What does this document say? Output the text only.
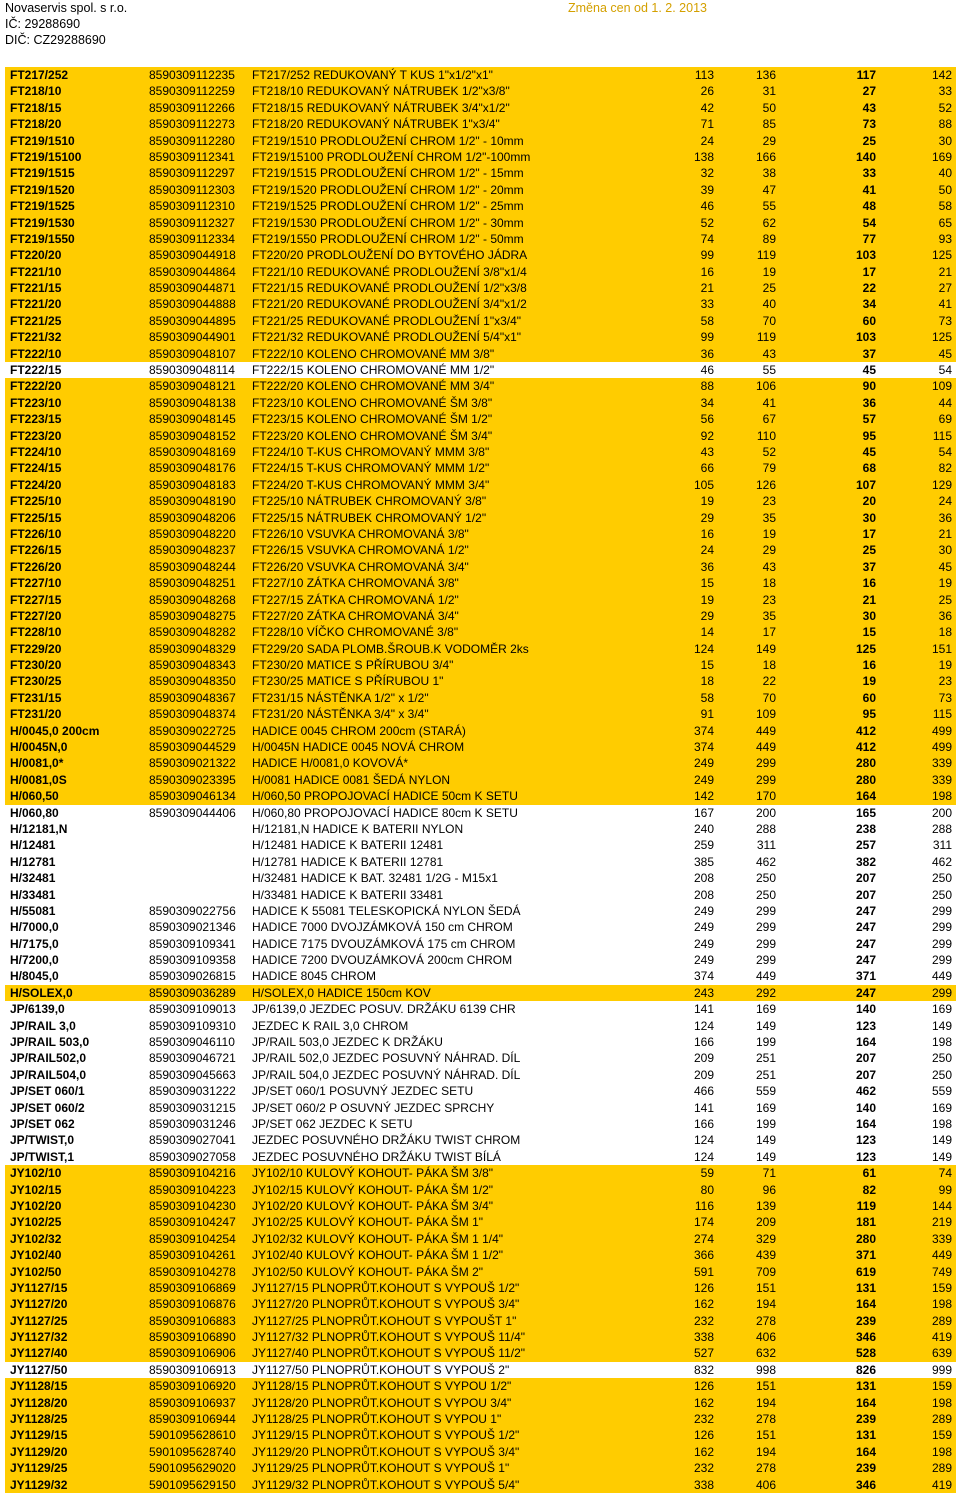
Novaservis spol. s r.o.
IČ: 29288690
DIČ: CZ29288690
Změna cen od 1. 2. 2013
FT217/252	8590309112235 FT217/252 REDUKOVANÝ T KUS 1"x1/2"x1"	113	136	117	142
FT218/10	8590309112259 FT218/10 REDUKOVANÝ NÁTRUBEK 1/2"x3/8"	26	31	27	33
FT218/15	8590309112266 FT218/15 REDUKOVANÝ NÁTRUBEK 3/4"x1/2"	42	50	43	52
FT218/20	8590309112273 FT218/20 REDUKOVANÝ NÁTRUBEK 1"x3/4"	71	85	73	88
FT219/1510	8590309112280 FT219/1510 PRODLOUŽENÍ CHROM 1/2" - 10mm	24	29	25	30
FT219/15100	8590309112341 FT219/15100 PRODLOUŽENÍ CHROM 1/2"-100mm	138	166	140	169
FT219/1515	8590309112297 FT219/1515 PRODLOUŽENÍ CHROM 1/2" - 15mm	32	38	33	40
FT219/1520	8590309112303 FT219/1520 PRODLOUŽENÍ CHROM 1/2" - 20mm	39	47	41	50
FT219/1525	8590309112310 FT219/1525 PRODLOUŽENÍ CHROM 1/2" - 25mm	46	55	48	58
FT219/1530	8590309112327 FT219/1530 PRODLOUŽENÍ CHROM 1/2" - 30mm	52	62	54	65
FT219/1550	8590309112334 FT219/1550 PRODLOUŽENÍ CHROM 1/2" - 50mm	74	89	77	93
FT220/20	8590309044918 FT220/20 PRODLOUŽENÍ DO BYTOVÉHO JÁDRA	99	119	103	125
FT221/10	8590309044864 FT221/10 REDUKOVANÉ PRODLOUŽENÍ 3/8"x1/4	16	19	17	21
FT221/15	8590309044871 FT221/15 REDUKOVANÉ PRODLOUŽENÍ 1/2"x3/8	21	25	22	27
FT221/20	8590309044888 FT221/20 REDUKOVANÉ PRODLOUŽENÍ 3/4"x1/2	33	40	34	41
FT221/25	8590309044895 FT221/25 REDUKOVANÉ PRODLOUŽENÍ 1"x3/4"	58	70	60	73
FT221/32	8590309044901 FT221/32 REDUKOVANÉ PRODLOUŽENÍ 5/4"x1"	99	119	103	125
FT222/10	8590309048107 FT222/10 KOLENO CHROMOVANÉ MM 3/8"	36	43	37	45
FT222/15	8590309048114 FT222/15 KOLENO CHROMOVANÉ MM 1/2"	46	55	45	54
FT222/20	8590309048121 FT222/20 KOLENO CHROMOVANÉ MM 3/4"	88	106	90	109
FT223/10	8590309048138 FT223/10 KOLENO CHROMOVANÉ ŠM 3/8"	34	41	36	44
FT223/15	8590309048145 FT223/15 KOLENO CHROMOVANÉ ŠM 1/2"	56	67	57	69
FT223/20	8590309048152 FT223/20 KOLENO CHROMOVANÉ ŠM 3/4"	92	110	95	115
FT224/10	8590309048169 FT224/10 T-KUS CHROMOVANÝ MMM 3/8"	43	52	45	54
FT224/15	8590309048176 FT224/15 T-KUS CHROMOVANÝ MMM 1/2"	66	79	68	82
FT224/20	8590309048183 FT224/20 T-KUS CHROMOVANÝ MMM 3/4"	105	126	107	129
FT225/10	8590309048190 FT225/10 NÁTRUBEK CHROMOVANÝ 3/8"	19	23	20	24
FT225/15	8590309048206 FT225/15 NÁTRUBEK CHROMOVANÝ 1/2"	29	35	30	36
FT226/10	8590309048220 FT226/10 VSUVKA CHROMOVANÁ 3/8"	16	19	17	21
FT226/15	8590309048237 FT226/15 VSUVKA CHROMOVANÁ 1/2"	24	29	25	30
FT226/20	8590309048244 FT226/20 VSUVKA CHROMOVANÁ 3/4"	36	43	37	45
FT227/10	8590309048251 FT227/10 ZÁTKA CHROMOVANÁ 3/8"	15	18	16	19
FT227/15	8590309048268 FT227/15 ZÁTKA CHROMOVANÁ 1/2"	19	23	21	25
FT227/20	8590309048275 FT227/20 ZÁTKA CHROMOVANÁ 3/4"	29	35	30	36
FT228/10	8590309048282 FT228/10 VÍČKO CHROMOVANÉ 3/8"	14	17	15	18
FT229/20	8590309048329 FT229/20 SADA PLOMB.ŠROUB.K VODOMĚR 2ks	124	149	125	151
FT230/20	8590309048343 FT230/20 MATICE S PŘÍRUBOU 3/4"	15	18	16	19
FT230/25	8590309048350 FT230/25 MATICE S PŘÍRUBOU 1"	18	22	19	23
FT231/15	8590309048367 FT231/15 NÁSTĚNKA 1/2" x 1/2"	58	70	60	73
FT231/20	8590309048374 FT231/20 NÁSTĚNKA 3/4" x 3/4"	91	109	95	115
H/0045,0 200cm	8590309022725 HADICE 0045 CHROM 200cm (STARÁ)	374	449	412	499
H/0045N,0	8590309044529 H/0045N HADICE 0045 NOVÁ CHROM	374	449	412	499
H/0081,0*	8590309021322 HADICE H/0081,0 KOVOVÁ*	249	299	280	339
H/0081,0S	8590309023395 H/0081 HADICE 0081 ŠEDÁ NYLON	249	299	280	339
H/060,50	8590309046134 H/060,50 PROPOJOVACÍ HADICE 50cm K SETU	142	170	164	198
H/060,80	8590309044406 H/060,80 PROPOJOVACÍ HADICE 80cm K SETU	167	200	165	200
H/12181,N	H/12181,N HADICE K BATERII NYLON	240	288	238	288
H/12481	H/12481 HADICE K BATERII 12481	259	311	257	311
H/12781	H/12781 HADICE K BATERII 12781	385	462	382	462
H/32481	H/32481 HADICE K BAT. 32481 1/2G - M15x1	208	250	207	250
H/33481	H/33481 HADICE K BATERII 33481	208	250	207	250
H/55081	8590309022756 HADICE K 55081 TELESKOPICKÁ NYLON ŠEDÁ	249	299	247	299
H/7000,0	8590309021346 HADICE 7000 DVOJZÁMKOVÁ 150 cm CHROM	249	299	247	299
H/7175,0	8590309109341 HADICE 7175 DVOUZÁMKOVÁ 175 cm CHROM	249	299	247	299
H/7200,0	8590309109358 HADICE 7200 DVOUZÁMKOVÁ 200cm CHROM	249	299	247	299
H/8045,0	8590309026815 HADICE 8045 CHROM	374	449	371	449
H/SOLEX,0	8590309036289 H/SOLEX,0 HADICE 150cm KOV	243	292	247	299
JP/6139,0	8590309109013 JP/6139,0 JEZDEC POSUV. DRŽÁKU 6139 CHR	141	169	140	169
JP/RAIL 3,0	8590309109310 JEZDEC K RAIL 3,0 CHROM	124	149	123	149
JP/RAIL 503,0	8590309046110 JP/RAIL 503,0 JEZDEC K DRŽÁKU	166	199	164	198
JP/RAIL502,0	8590309046721 JP/RAIL 502,0 JEZDEC POSUVNÝ NÁHRAD. DÍL	209	251	207	250
JP/RAIL504,0	8590309045663 JP/RAIL 504,0 JEZDEC POSUVNÝ NÁHRAD. DÍL	209	251	207	250
JP/SET 060/1	8590309031222 JP/SET 060/1 POSUVNÝ JEZDEC SETU	466	559	462	559
JP/SET 060/2	8590309031215 JP/SET 060/2 P OSUVNÝ JEZDEC SPRCHY	141	169	140	169
JP/SET 062	8590309031246 JP/SET 062 JEZDEC K SETU	166	199	164	198
JP/TWIST,0	8590309027041 JEZDEC POSUVNÉHO DRŽÁKU TWIST CHROM	124	149	123	149
JP/TWIST,1	8590309027058 JEZDEC POSUVNÉHO DRŽÁKU TWIST BÍLÁ	124	149	123	149
JY102/10	8590309104216 JY102/10 KULOVÝ KOHOUT- PÁKA ŠM 3/8"	59	71	61	74
JY102/15	8590309104223 JY102/15 KULOVÝ KOHOUT- PÁKA ŠM 1/2"	80	96	82	99
JY102/20	8590309104230 JY102/20 KULOVÝ KOHOUT- PÁKA ŠM 3/4"	116	139	119	144
JY102/25	8590309104247 JY102/25 KULOVÝ KOHOUT- PÁKA ŠM 1"	174	209	181	219
JY102/32	8590309104254 JY102/32 KULOVÝ KOHOUT- PÁKA ŠM 1 1/4"	274	329	280	339
JY102/40	8590309104261 JY102/40 KULOVÝ KOHOUT- PÁKA ŠM 1 1/2"	366	439	371	449
JY102/50	8590309104278 JY102/50 KULOVÝ KOHOUT- PÁKA ŠM 2"	591	709	619	749
JY1127/15	8590309106869 JY1127/15 PLNOPRŮT.KOHOUT S VYPOUŠ 1/2"	126	151	131	159
JY1127/20	8590309106876 JY1127/20 PLNOPRŮT.KOHOUT S VYPOUŠ 3/4"	162	194	164	198
JY1127/25	8590309106883 JY1127/25 PLNOPRŮT.KOHOUT S VYPOUŠT 1"	232	278	239	289
JY1127/32	8590309106890 JY1127/32 PLNOPRŮT.KOHOUT S VYPOUŠ 11/4"	338	406	346	419
JY1127/40	8590309106906 JY1127/40 PLNOPRŮT.KOHOUT S VYPOUŠ 11/2"	527	632	528	639
JY1127/50	8590309106913 JY1127/50 PLNOPRŮT.KOHOUT S VYPOUŠ 2"	832	998	826	999
JY1128/15	8590309106920 JY1128/15 PLNOPRŮT.KOHOUT S VYPOU 1/2"	126	151	131	159
JY1128/20	8590309106937 JY1128/20 PLNOPRŮT.KOHOUT S VYPOU 3/4"	162	194	164	198
JY1128/25	8590309106944 JY1128/25 PLNOPRŮT.KOHOUT S VYPOU 1"	232	278	239	289
JY1129/15	5901095628610 JY1129/15 PLNOPRŮT.KOHOUT S VYPOUŠ 1/2"	126	151	131	159
JY1129/20	5901095628740 JY1129/20 PLNOPRŮT.KOHOUT S VYPOUŠ 3/4"	162	194	164	198
JY1129/25	5901095629020 JY1129/25 PLNOPRŮT.KOHOUT S VYPOUŠ 1"	232	278	239	289
JY1129/32	5901095629150 JY1129/32 PLNOPRŮT.KOHOUT S VYPOUŠ 5/4"	338	406	346	419
